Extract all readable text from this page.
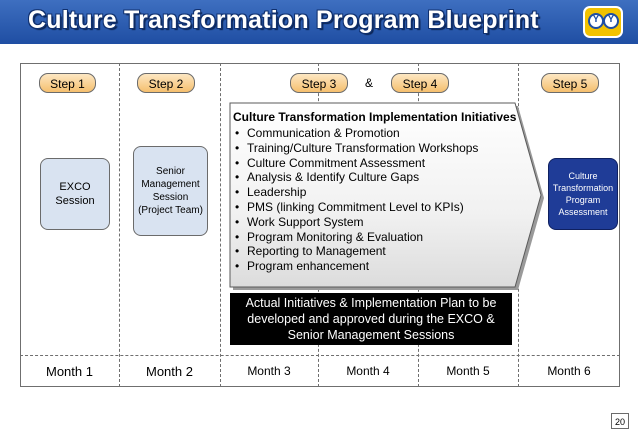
Culture Transformation Program Blueprint	Y Y
Step 1	Step 2	Step 3	&	Step 4	Step 5
EXCO Session
Senior
Management
Session
(Project Team)

Culture Transformation Implementation Initiatives

• Communication & Promotion
• Training/Culture Transformation Workshops
• Culture Commitment Assessment
• Analysis & Identify Culture Gaps
• Leadership
• PMS (linking Commitment Level to KPIs)
• Work Support System
• Program Monitoring & Evaluation
• Reporting to Management
• Program enhancement
Culture
Transformation
Program
Assessment
Actual Initiatives & Implementation Plan to be developed and approved during the EXCO & Senior Management Sessions
Month 1	Month 2	Month 3	Month 4	Month 5	Month 6
20
